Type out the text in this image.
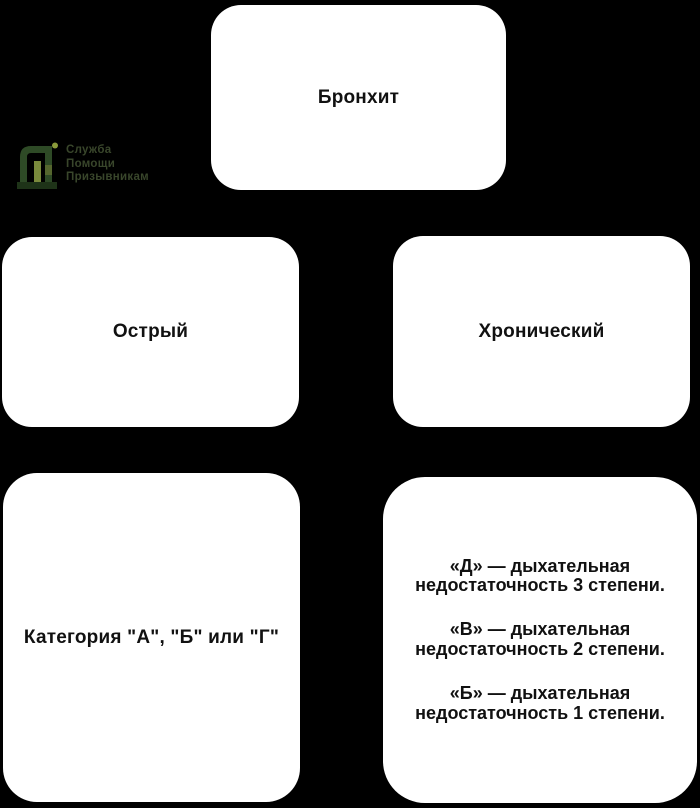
Служба
Помощи
Призывникам
Бронхит
Острый	Хронический
Категория "А", "Б" или "Г"

«Д» — дыхательная недостаточность 3 степени.

«В» — дыхательная недостаточность 2 степени.

«Б» — дыхательная недостаточность 1 степени.
